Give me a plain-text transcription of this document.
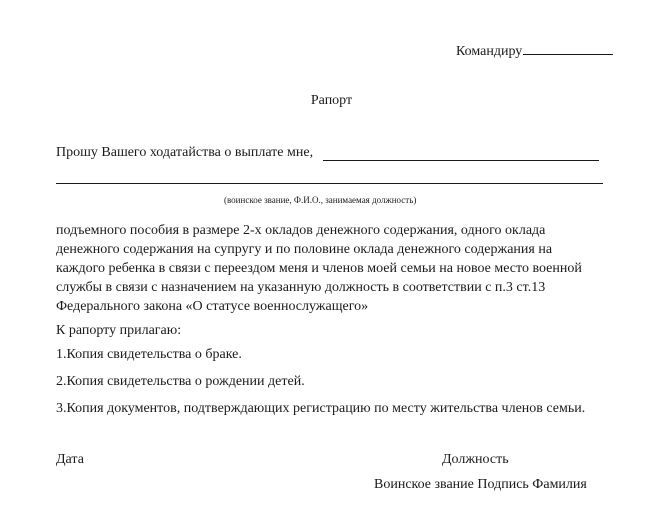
Командиру
Рапорт
Прошу Вашего ходатайства о выплате мне,
(воинское звание, Ф.И.О., занимаемая должность)
подъемного пособия в размере 2-х окладов денежного содержания, одного оклада
денежного содержания на супругу и по половине оклада денежного содержания на
каждого ребенка в связи с переездом меня и членов моей семьи на новое место военной
службы в связи с назначением на указанную должность в соответствии с п.3 ст.13
Федерального закона «О статусе военнослужащего»
К рапорту прилагаю:
1.Копия свидетельства о браке.
2.Копия свидетельства о рождении детей.
3.Копия документов, подтверждающих регистрацию по месту жительства членов семьи.
Дата	Должность
Воинское звание Подпись Фамилия
